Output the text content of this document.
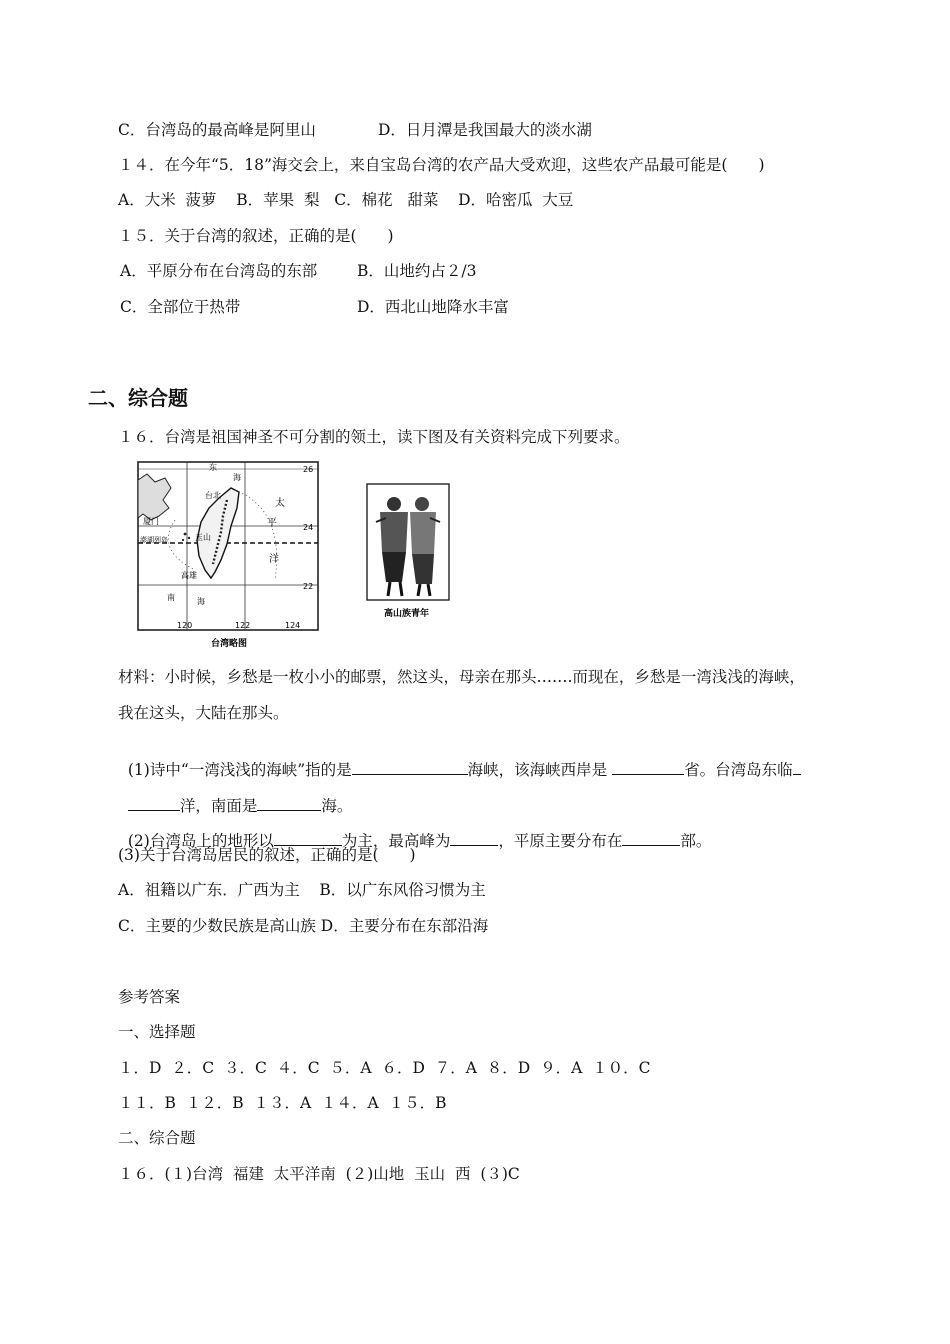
C．台湾岛的最高峰是阿里山	D．日月潭是我国最大的淡水湖
１４．在今年“5．18”海交会上，来自宝岛台湾的农产品大受欢迎，这些农产品最可能是(　　)
A．大米  菠萝    B．苹果  梨   C．棉花   甜菜    D．哈密瓜  大豆
１５．关于台湾的叙述，正确的是(　　)
A．平原分布在台湾岛的东部	B．山地约占２/3
C．全部位于热带	D．西北山地降水丰富
二、综合题
１６．台湾是祖国神圣不可分割的领土，读下图及有关资料完成下列要求。
东
海
台北
厦门
澎湖列岛	玉山
高雄
南	海
太
平
洋
26
24
22
120	122	124
台湾略图
高山族青年
材料：小时候，乡愁是一枚小小的邮票，然这头，母亲在那头…….而现在，乡愁是一湾浅浅的海峡，
我在这头，大陆在那头。

(1)诗中“一湾浅浅的海峡”指的是	海峡，该海峡西岸是	省。台湾岛东临

洋，南面是	海。

(2)台湾岛上的地形以	为主，最高峰为	，平原主要分布在	部。

(3)关于台湾岛居民的叙述，正确的是(　　)
A．祖籍以广东．广西为主    B．以广东风俗习惯为主
C．主要的少数民族是高山族 D．主要分布在东部沿海
参考答案
一、选择题
１．D  ２．C  ３．C  ４．C  ５．A  ６．D  ７．A  ８．D  ９．A  １０．C
１１．B  １２．B  １３．A  １４．A  １５．B
二、综合题
１６．(１)台湾  福建  太平洋南  (２)山地  玉山  西  (３)C
